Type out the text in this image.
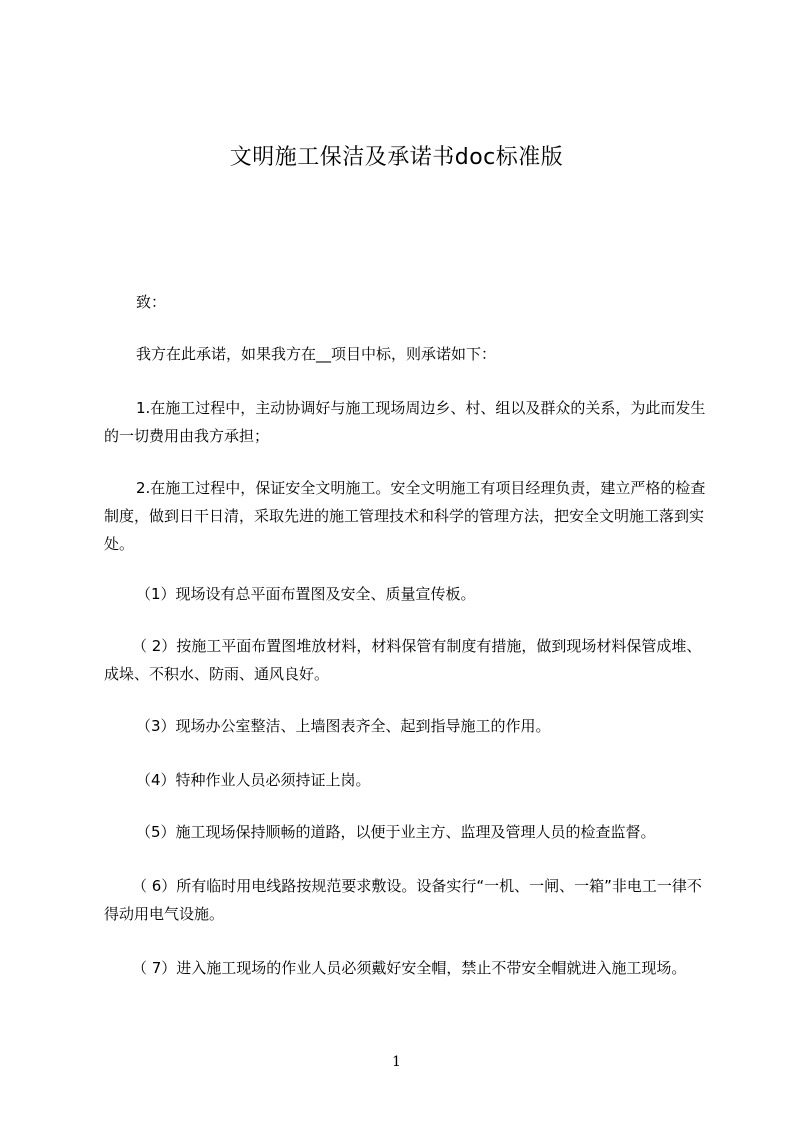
文明施工保洁及承诺书doc标准版

致：

我方在此承诺，如果我方在__项目中标，则承诺如下：

1.在施工过程中，主动协调好与施工现场周边乡、村、组以及群众的关系，为此而发生的一切费用由我方承担；

2.在施工过程中，保证安全文明施工。安全文明施工有项目经理负责，建立严格的检查制度，做到日干日清，采取先进的施工管理技术和科学的管理方法，把安全文明施工落到实处。

（1）现场设有总平面布置图及安全、质量宣传板。

（ 2）按施工平面布置图堆放材料，材料保管有制度有措施，做到现场材料保管成堆、成垛、不积水、防雨、通风良好。

（3）现场办公室整洁、上墙图表齐全、起到指导施工的作用。

（4）特种作业人员必须持证上岗。

（5）施工现场保持顺畅的道路，以便于业主方、监理及管理人员的检查监督。

（ 6）所有临时用电线路按规范要求敷设。设备实行“一机、一闸、一箱”非电工一律不得动用电气设施。

（ 7）进入施工现场的作业人员必须戴好安全帽，禁止不带安全帽就进入施工现场。

1
